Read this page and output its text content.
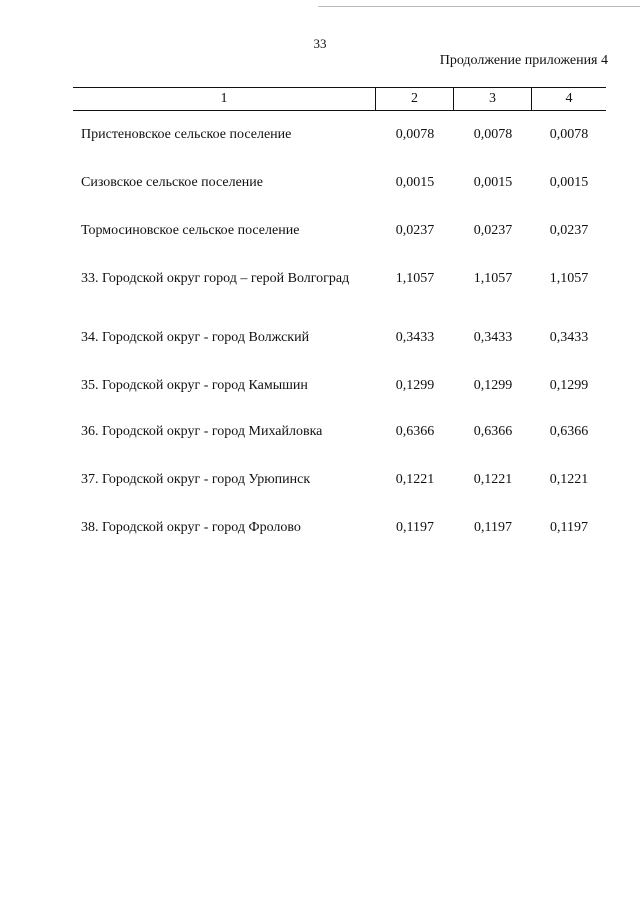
33
Продолжение приложения 4
1	2	3	4
Пристеновское сельское поселение	0,0078	0,0078	0,0078
Сизовское сельское поселение	0,0015	0,0015	0,0015
Тормосиновское сельское поселение	0,0237	0,0237	0,0237
33. Городской округ город – герой Волгоград	1,1057	1,1057	1,1057
34. Городской округ - город Волжский	0,3433	0,3433	0,3433
35. Городской округ - город Камышин	0,1299	0,1299	0,1299
36. Городской округ - город Михайловка	0,6366	0,6366	0,6366
37. Городской округ - город Урюпинск	0,1221	0,1221	0,1221
38. Городской округ - город Фролово	0,1197	0,1197	0,1197
